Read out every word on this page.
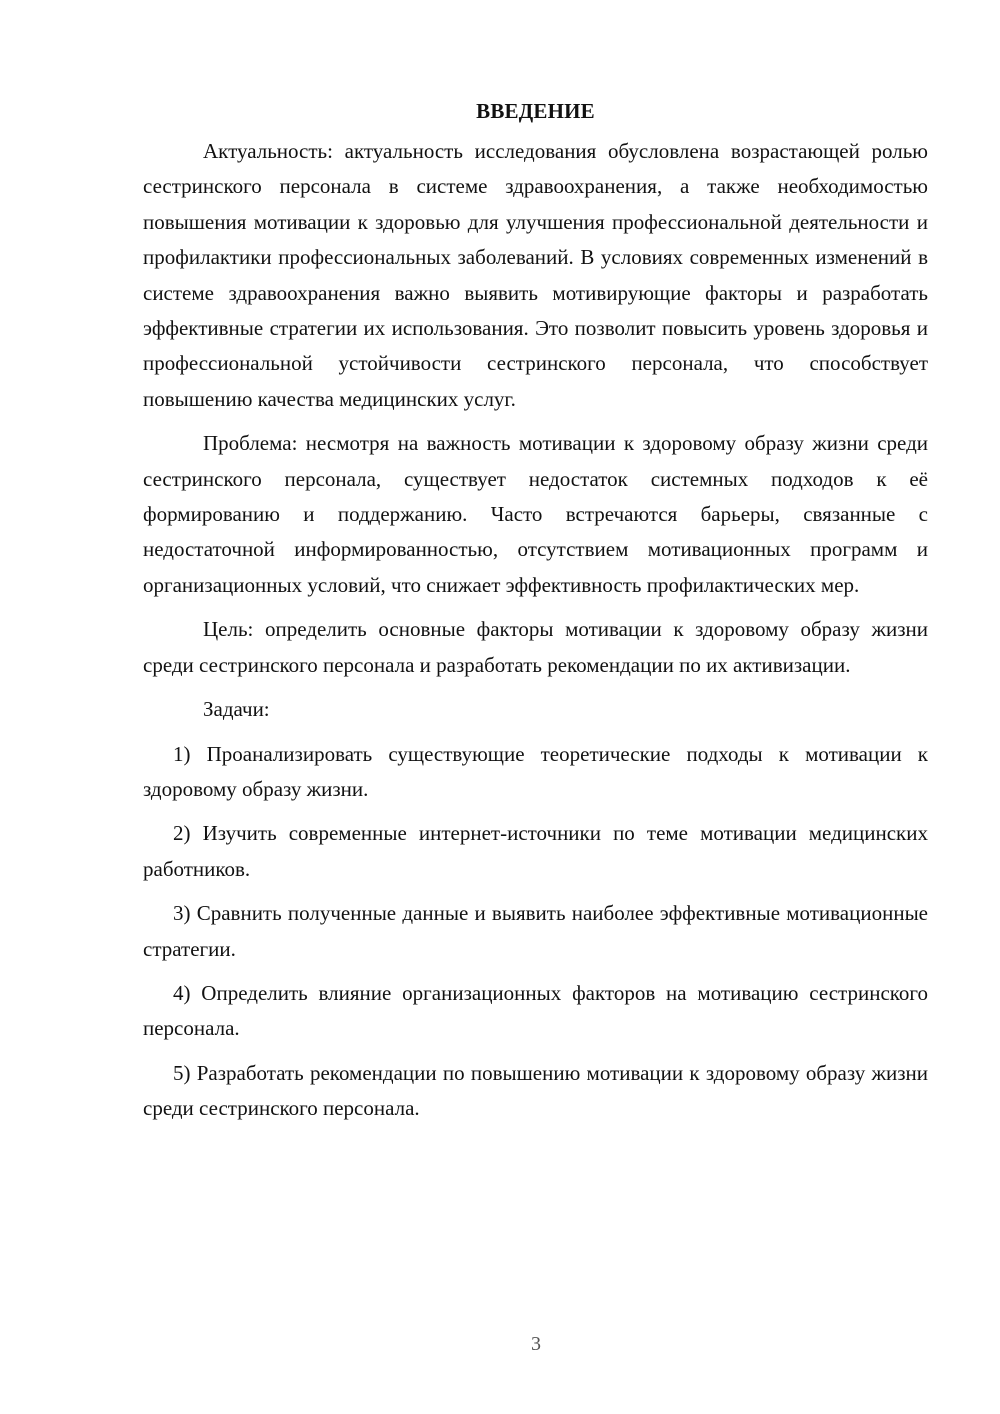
ВВЕДЕНИЕ

Актуальность: актуальность исследования обусловлена возрастающей ролью сестринского персонала в системе здравоохранения, а также необходимостью повышения мотивации к здоровью для улучшения профессиональной деятельности и профилактики профессиональных заболеваний. В условиях современных изменений в системе здравоохранения важно выявить мотивирующие факторы и разработать эффективные стратегии их использования. Это позволит повысить уровень здоровья и профессиональной устойчивости сестринского персонала, что способствует повышению качества медицинских услуг.

Проблема: несмотря на важность мотивации к здоровому образу жизни среди сестринского персонала, существует недостаток системных подходов к её формированию и поддержанию. Часто встречаются барьеры, связанные с недостаточной информированностью, отсутствием мотивационных программ и организационных условий, что снижает эффективность профилактических мер.

Цель: определить основные факторы мотивации к здоровому образу жизни среди сестринского персонала и разработать рекомендации по их активизации.

Задачи:

1) Проанализировать существующие теоретические подходы к мотивации к здоровому образу жизни.

2) Изучить современные интернет-источники по теме мотивации медицинских работников.

3) Сравнить полученные данные и выявить наиболее эффективные мотивационные стратегии.

4) Определить влияние организационных факторов на мотивацию сестринского персонала.

5) Разработать рекомендации по повышению мотивации к здоровому образу жизни среди сестринского персонала.

3
